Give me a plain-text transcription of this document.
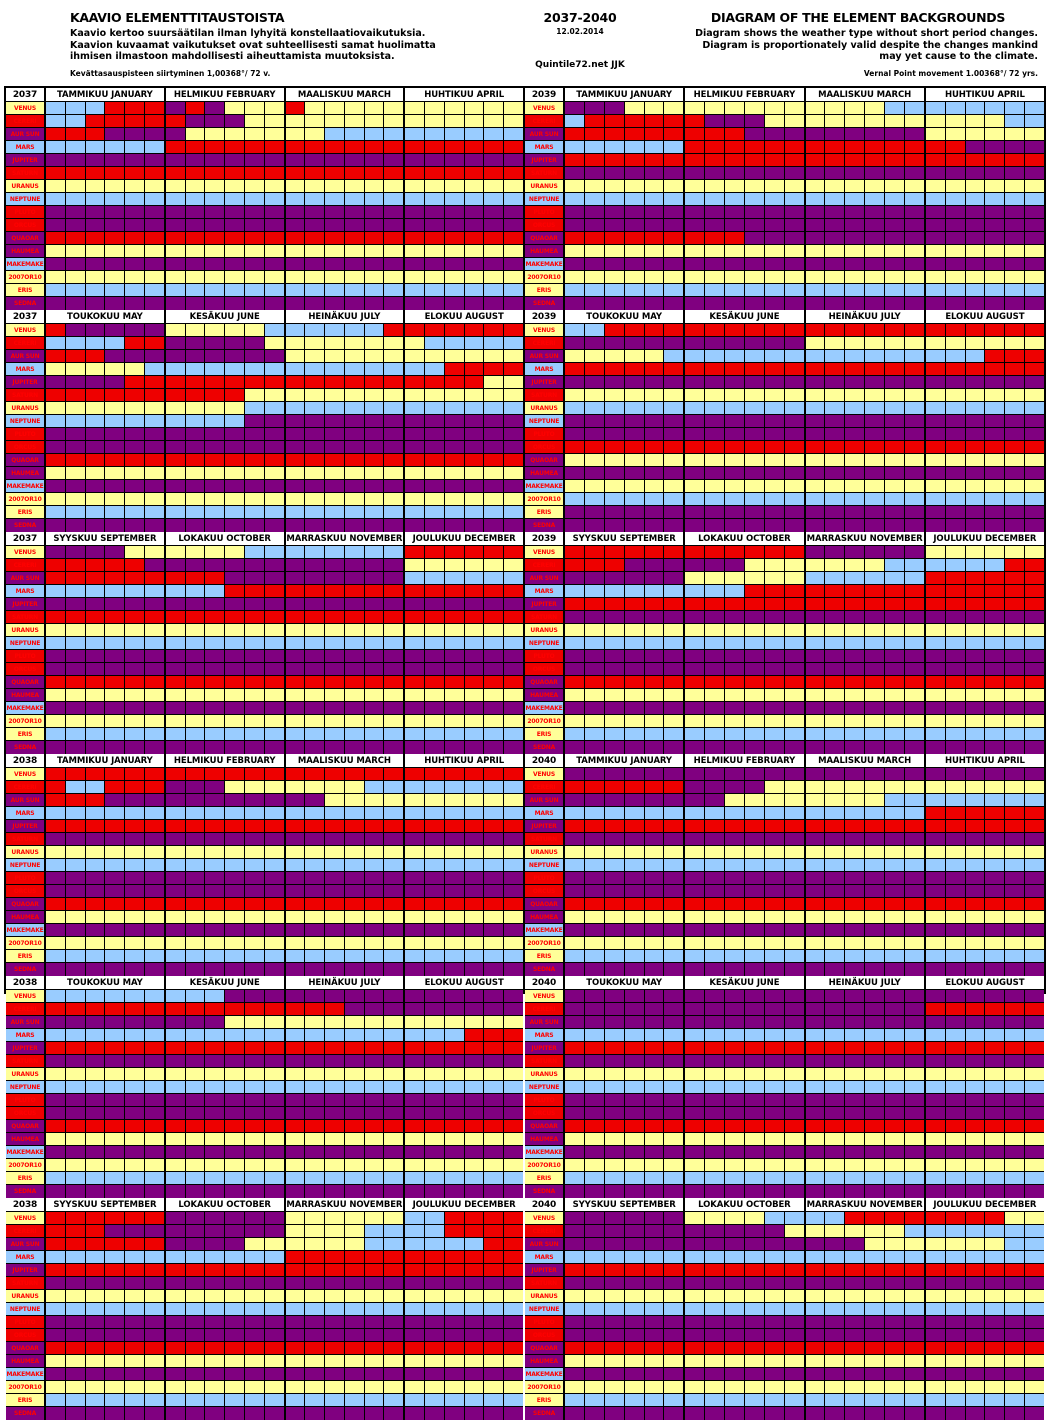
KAAVIO ELEMENTTITAUSTOISTA
Kaavio kertoo suursäätilan ilman lyhyitä konstellaatiovaikutuksia.
Kaavion kuvaamat vaikutukset ovat suhteellisesti samat huolimatta
ihmisen ilmastoon mahdollisesti aiheuttamista muutoksista.
Kevättasauspisteen siirtyminen 1,00368°/ 72 v.
2037-2040
12.02.2014
Quintile72.net JJK
DIAGRAM OF THE ELEMENT BACKGROUNDS
Diagram shows the weather type without short period changes.
Diagram is proportionately valid despite the changes mankind
may yet cause to the climate.
Vernal Point movement 1.00368°/ 72 yrs.
2037	TAMMIKUU JANUARY	HELMIKUU FEBRUARY	MAALISKUU MARCH	HUHTIKUU APRIL
VENUS
CERERI
AUR SUN
MARS
JUPITER
SATURN
URANUS
NEPTUNE
PLUTO
ORCUS
QUAOAR
HAUMEA
MAKEMAKE
2007OR10
ERIS
SEDNA
2037	TOUKOKUU MAY	KESÄKUU JUNE	HEINÄKUU JULY	ELOKUU AUGUST
VENUS
CERERI
AUR SUN
MARS
JUPITER
SATURN
URANUS
NEPTUNE
PLUTO
ORCUS
QUAOAR
HAUMEA
MAKEMAKE
2007OR10
ERIS
SEDNA
2037	SYYSKUU SEPTEMBER	LOKAKUU OCTOBER	MARRASKUU NOVEMBER	JOULUKUU DECEMBER
VENUS
CERERI
AUR SUN
MARS
JUPITER
SATURN
URANUS
NEPTUNE
PLUTO
ORCUS
QUAOAR
HAUMEA
MAKEMAKE
2007OR10
ERIS
SEDNA
2038	TAMMIKUU JANUARY	HELMIKUU FEBRUARY	MAALISKUU MARCH	HUHTIKUU APRIL
VENUS
CERERI
AUR SUN
MARS
JUPITER
SATURN
URANUS
NEPTUNE
PLUTO
ORCUS
QUAOAR
HAUMEA
MAKEMAKE
2007OR10
ERIS
SEDNA
2038	TOUKOKUU MAY	KESÄKUU JUNE	HEINÄKUU JULY	ELOKUU AUGUST
VENUS
CERERI
AUR SUN
MARS
JUPITER
SATURN
URANUS
NEPTUNE
PLUTO
ORCUS
QUAOAR
HAUMEA
MAKEMAKE
2007OR10
ERIS
SEDNA
2038	SYYSKUU SEPTEMBER	LOKAKUU OCTOBER	MARRASKUU NOVEMBER	JOULUKUU DECEMBER
VENUS
CERERI
AUR SUN
MARS
JUPITER
SATURN
URANUS
NEPTUNE
PLUTO
ORCUS
QUAOAR
HAUMEA
MAKEMAKE
2007OR10
ERIS
SEDNA
2039	TAMMIKUU JANUARY	HELMIKUU FEBRUARY	MAALISKUU MARCH	HUHTIKUU APRIL
VENUS
CERERI
AUR SUN
MARS
JUPITER
SATURN
URANUS
NEPTUNE
PLUTO
ORCUS
QUAOAR
HAUMEA
MAKEMAKE
2007OR10
ERIS
SEDNA
2039	TOUKOKUU MAY	KESÄKUU JUNE	HEINÄKUU JULY	ELOKUU AUGUST
VENUS
CERERI
AUR SUN
MARS
JUPITER
SATURN
URANUS
NEPTUNE
PLUTO
ORCUS
QUAOAR
HAUMEA
MAKEMAKE
2007OR10
ERIS
SEDNA
2039	SYYSKUU SEPTEMBER	LOKAKUU OCTOBER	MARRASKUU NOVEMBER	JOULUKUU DECEMBER
VENUS
CERERI
AUR SUN
MARS
JUPITER
SATURN
URANUS
NEPTUNE
PLUTO
ORCUS
QUAOAR
HAUMEA
MAKEMAKE
2007OR10
ERIS
SEDNA
2040	TAMMIKUU JANUARY	HELMIKUU FEBRUARY	MAALISKUU MARCH	HUHTIKUU APRIL
VENUS
CERERI
AUR SUN
MARS
JUPITER
SATURN
URANUS
NEPTUNE
PLUTO
ORCUS
QUAOAR
HAUMEA
MAKEMAKE
2007OR10
ERIS
SEDNA
2040	TOUKOKUU MAY	KESÄKUU JUNE	HEINÄKUU JULY	ELOKUU AUGUST
VENUS
CERERI
AUR SUN
MARS
JUPITER
SATURN
URANUS
NEPTUNE
PLUTO
ORCUS
QUAOAR
HAUMEA
MAKEMAKE
2007OR10
ERIS
SEDNA
2040	SYYSKUU SEPTEMBER	LOKAKUU OCTOBER	MARRASKUU NOVEMBER	JOULUKUU DECEMBER
VENUS
CERERI
AUR SUN
MARS
JUPITER
SATURN
URANUS
NEPTUNE
PLUTO
ORCUS
QUAOAR
HAUMEA
MAKEMAKE
2007OR10
ERIS
SEDNA
